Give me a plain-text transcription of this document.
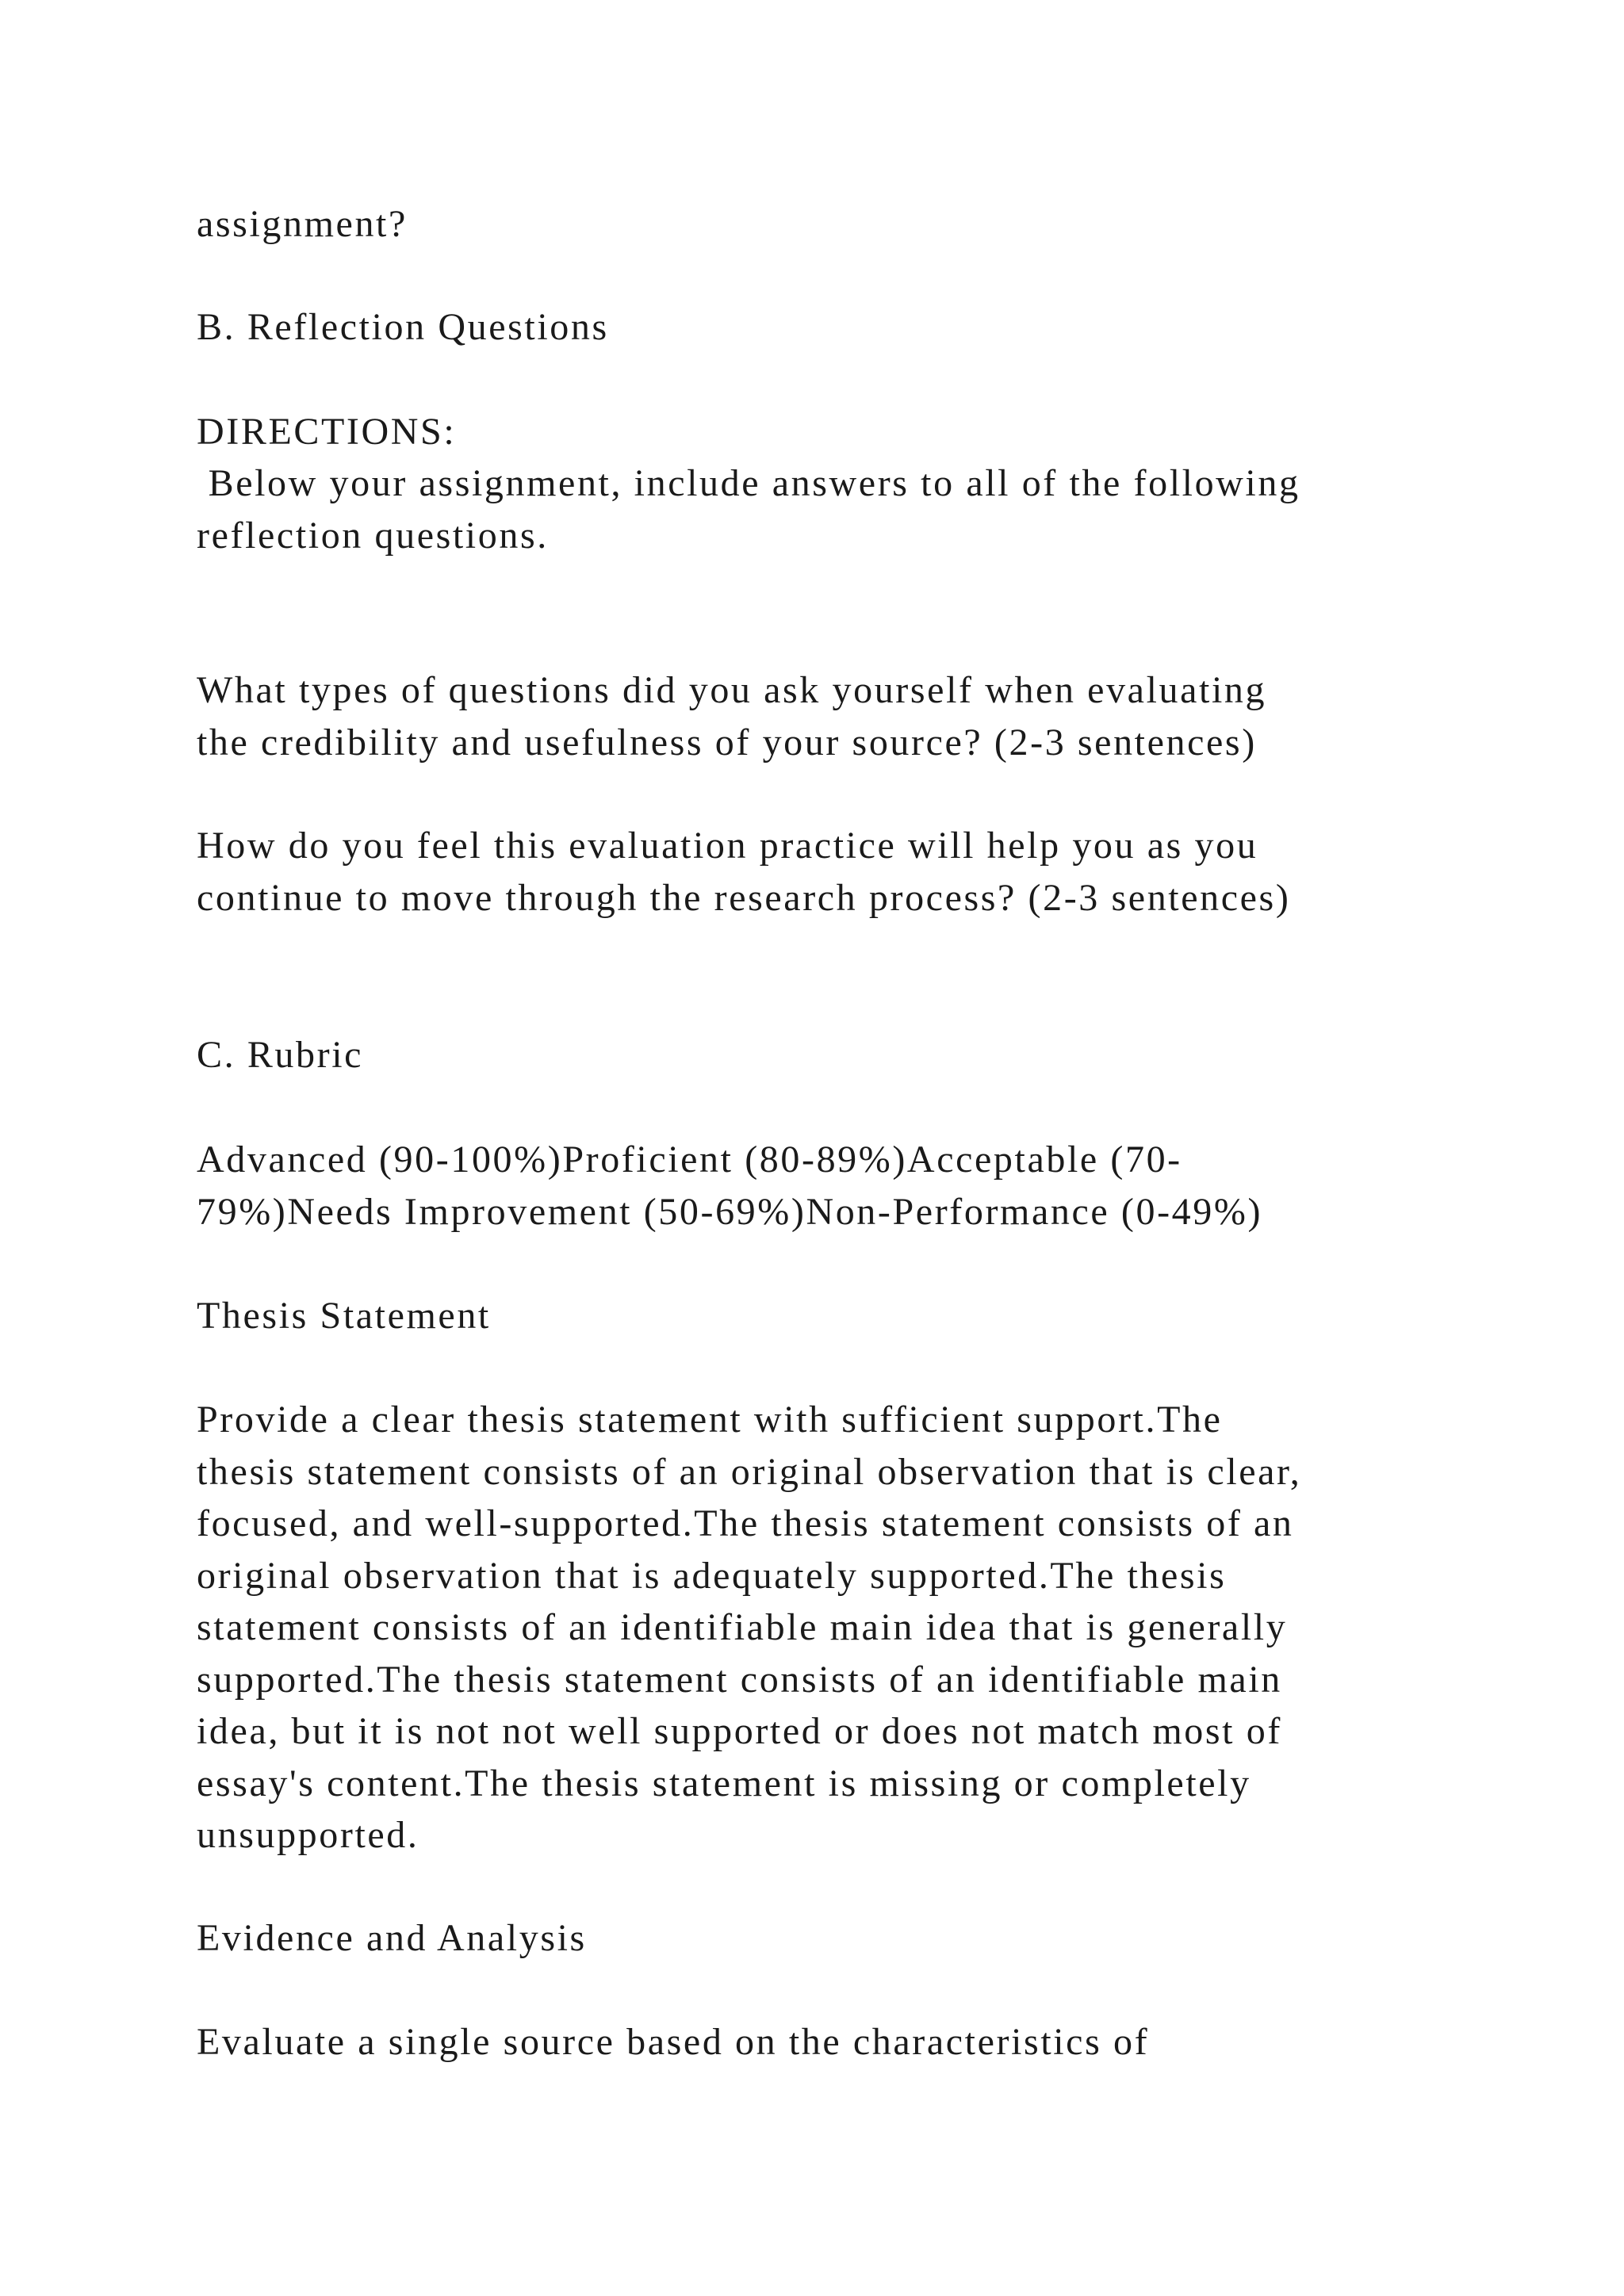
assignment?

B. Reflection Questions

DIRECTIONS:

Below your assignment, include answers to all of the following
reflection questions.

What types of questions did you ask yourself when evaluating
the credibility and usefulness of your source? (2-3 sentences)

How do you feel this evaluation practice will help you as you
continue to move through the research process? (2-3 sentences)

C. Rubric

Advanced (90-100%)Proficient (80-89%)Acceptable (70-
79%)Needs Improvement (50-69%)Non-Performance (0-49%)

Thesis Statement

Provide a clear thesis statement with sufficient support.The
thesis statement consists of an original observation that is clear,
focused, and well-supported.The thesis statement consists of an
original observation that is adequately supported.The thesis
statement consists of an identifiable main idea that is generally
supported.The thesis statement consists of an identifiable main
idea, but it is not not well supported or does not match most of
essay's content.The thesis statement is missing or completely
unsupported.

Evidence and Analysis

Evaluate a single source based on the characteristics of
